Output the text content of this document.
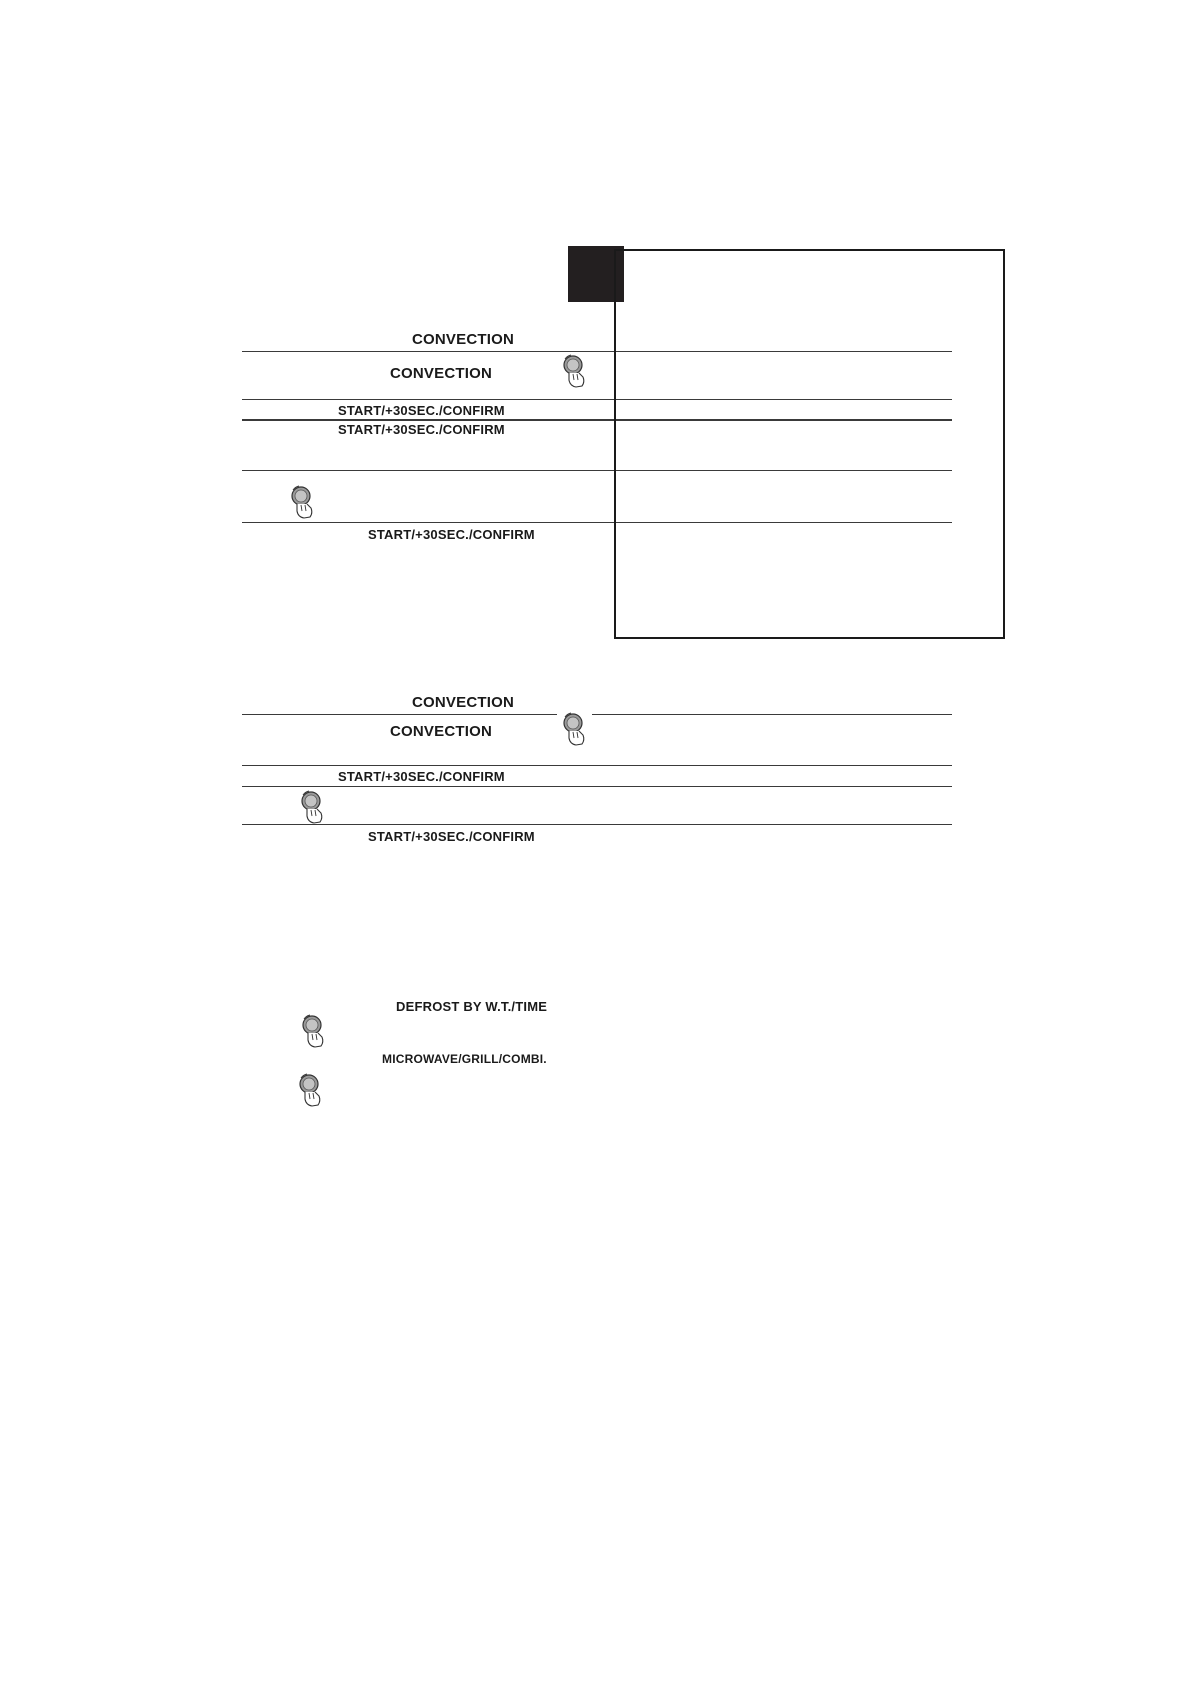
CONVECTION
CONVECTION
START/+30SEC./CONFIRM
START/+30SEC./CONFIRM
START/+30SEC./CONFIRM
CONVECTION
CONVECTION
START/+30SEC./CONFIRM
START/+30SEC./CONFIRM
DEFROST BY W.T./TIME
MICROWAVE/GRILL/COMBI.
